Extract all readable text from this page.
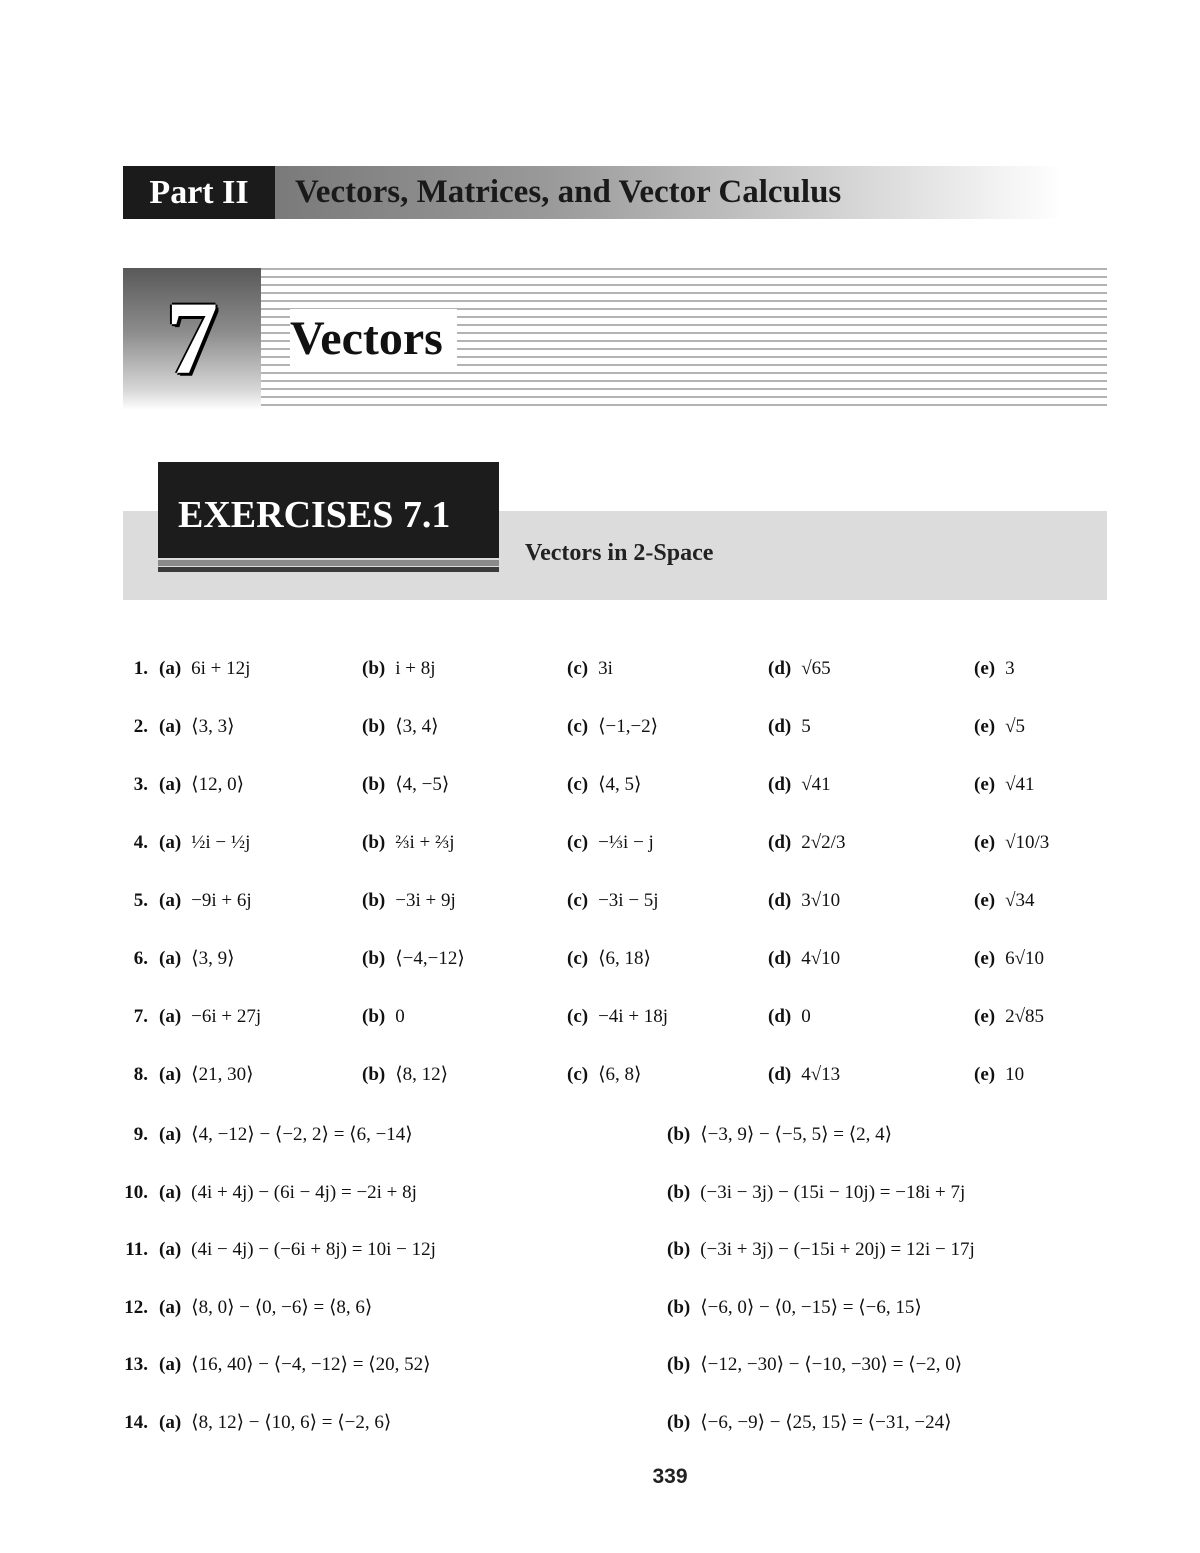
Part II	Vectors, Matrices, and Vector Calculus
7	Vectors
EXERCISES 7.1
Vectors in 2-Space
1. (a) 6i + 12j	(b) i + 8j	(c) 3i	(d) √65	(e) 3
2. (a) ⟨3, 3⟩	(b) ⟨3, 4⟩	(c) ⟨−1,−2⟩	(d) 5	(e) √5
3. (a) ⟨12, 0⟩	(b) ⟨4, −5⟩	(c) ⟨4, 5⟩	(d) √41	(e) √41
4. (a) ½i − ½j	(b) ⅔i + ⅔j	(c) −⅓i − j	(d) 2√2/3	(e) √10/3
5. (a) −9i + 6j	(b) −3i + 9j	(c) −3i − 5j	(d) 3√10	(e) √34
6. (a) ⟨3, 9⟩	(b) ⟨−4,−12⟩	(c) ⟨6, 18⟩	(d) 4√10	(e) 6√10
7. (a) −6i + 27j	(b) 0	(c) −4i + 18j	(d) 0	(e) 2√85
8. (a) ⟨21, 30⟩	(b) ⟨8, 12⟩	(c) ⟨6, 8⟩	(d) 4√13	(e) 10
9. (a) ⟨4, −12⟩ − ⟨−2, 2⟩ = ⟨6, −14⟩	(b) ⟨−3, 9⟩ − ⟨−5, 5⟩ = ⟨2, 4⟩
10. (a) (4i + 4j) − (6i − 4j) = −2i + 8j	(b) (−3i − 3j) − (15i − 10j) = −18i + 7j
11. (a) (4i − 4j) − (−6i + 8j) = 10i − 12j	(b) (−3i + 3j) − (−15i + 20j) = 12i − 17j
12. (a) ⟨8, 0⟩ − ⟨0, −6⟩ = ⟨8, 6⟩	(b) ⟨−6, 0⟩ − ⟨0, −15⟩ = ⟨−6, 15⟩
13. (a) ⟨16, 40⟩ − ⟨−4, −12⟩ = ⟨20, 52⟩	(b) ⟨−12, −30⟩ − ⟨−10, −30⟩ = ⟨−2, 0⟩
14. (a) ⟨8, 12⟩ − ⟨10, 6⟩ = ⟨−2, 6⟩	(b) ⟨−6, −9⟩ − ⟨25, 15⟩ = ⟨−31, −24⟩
339
